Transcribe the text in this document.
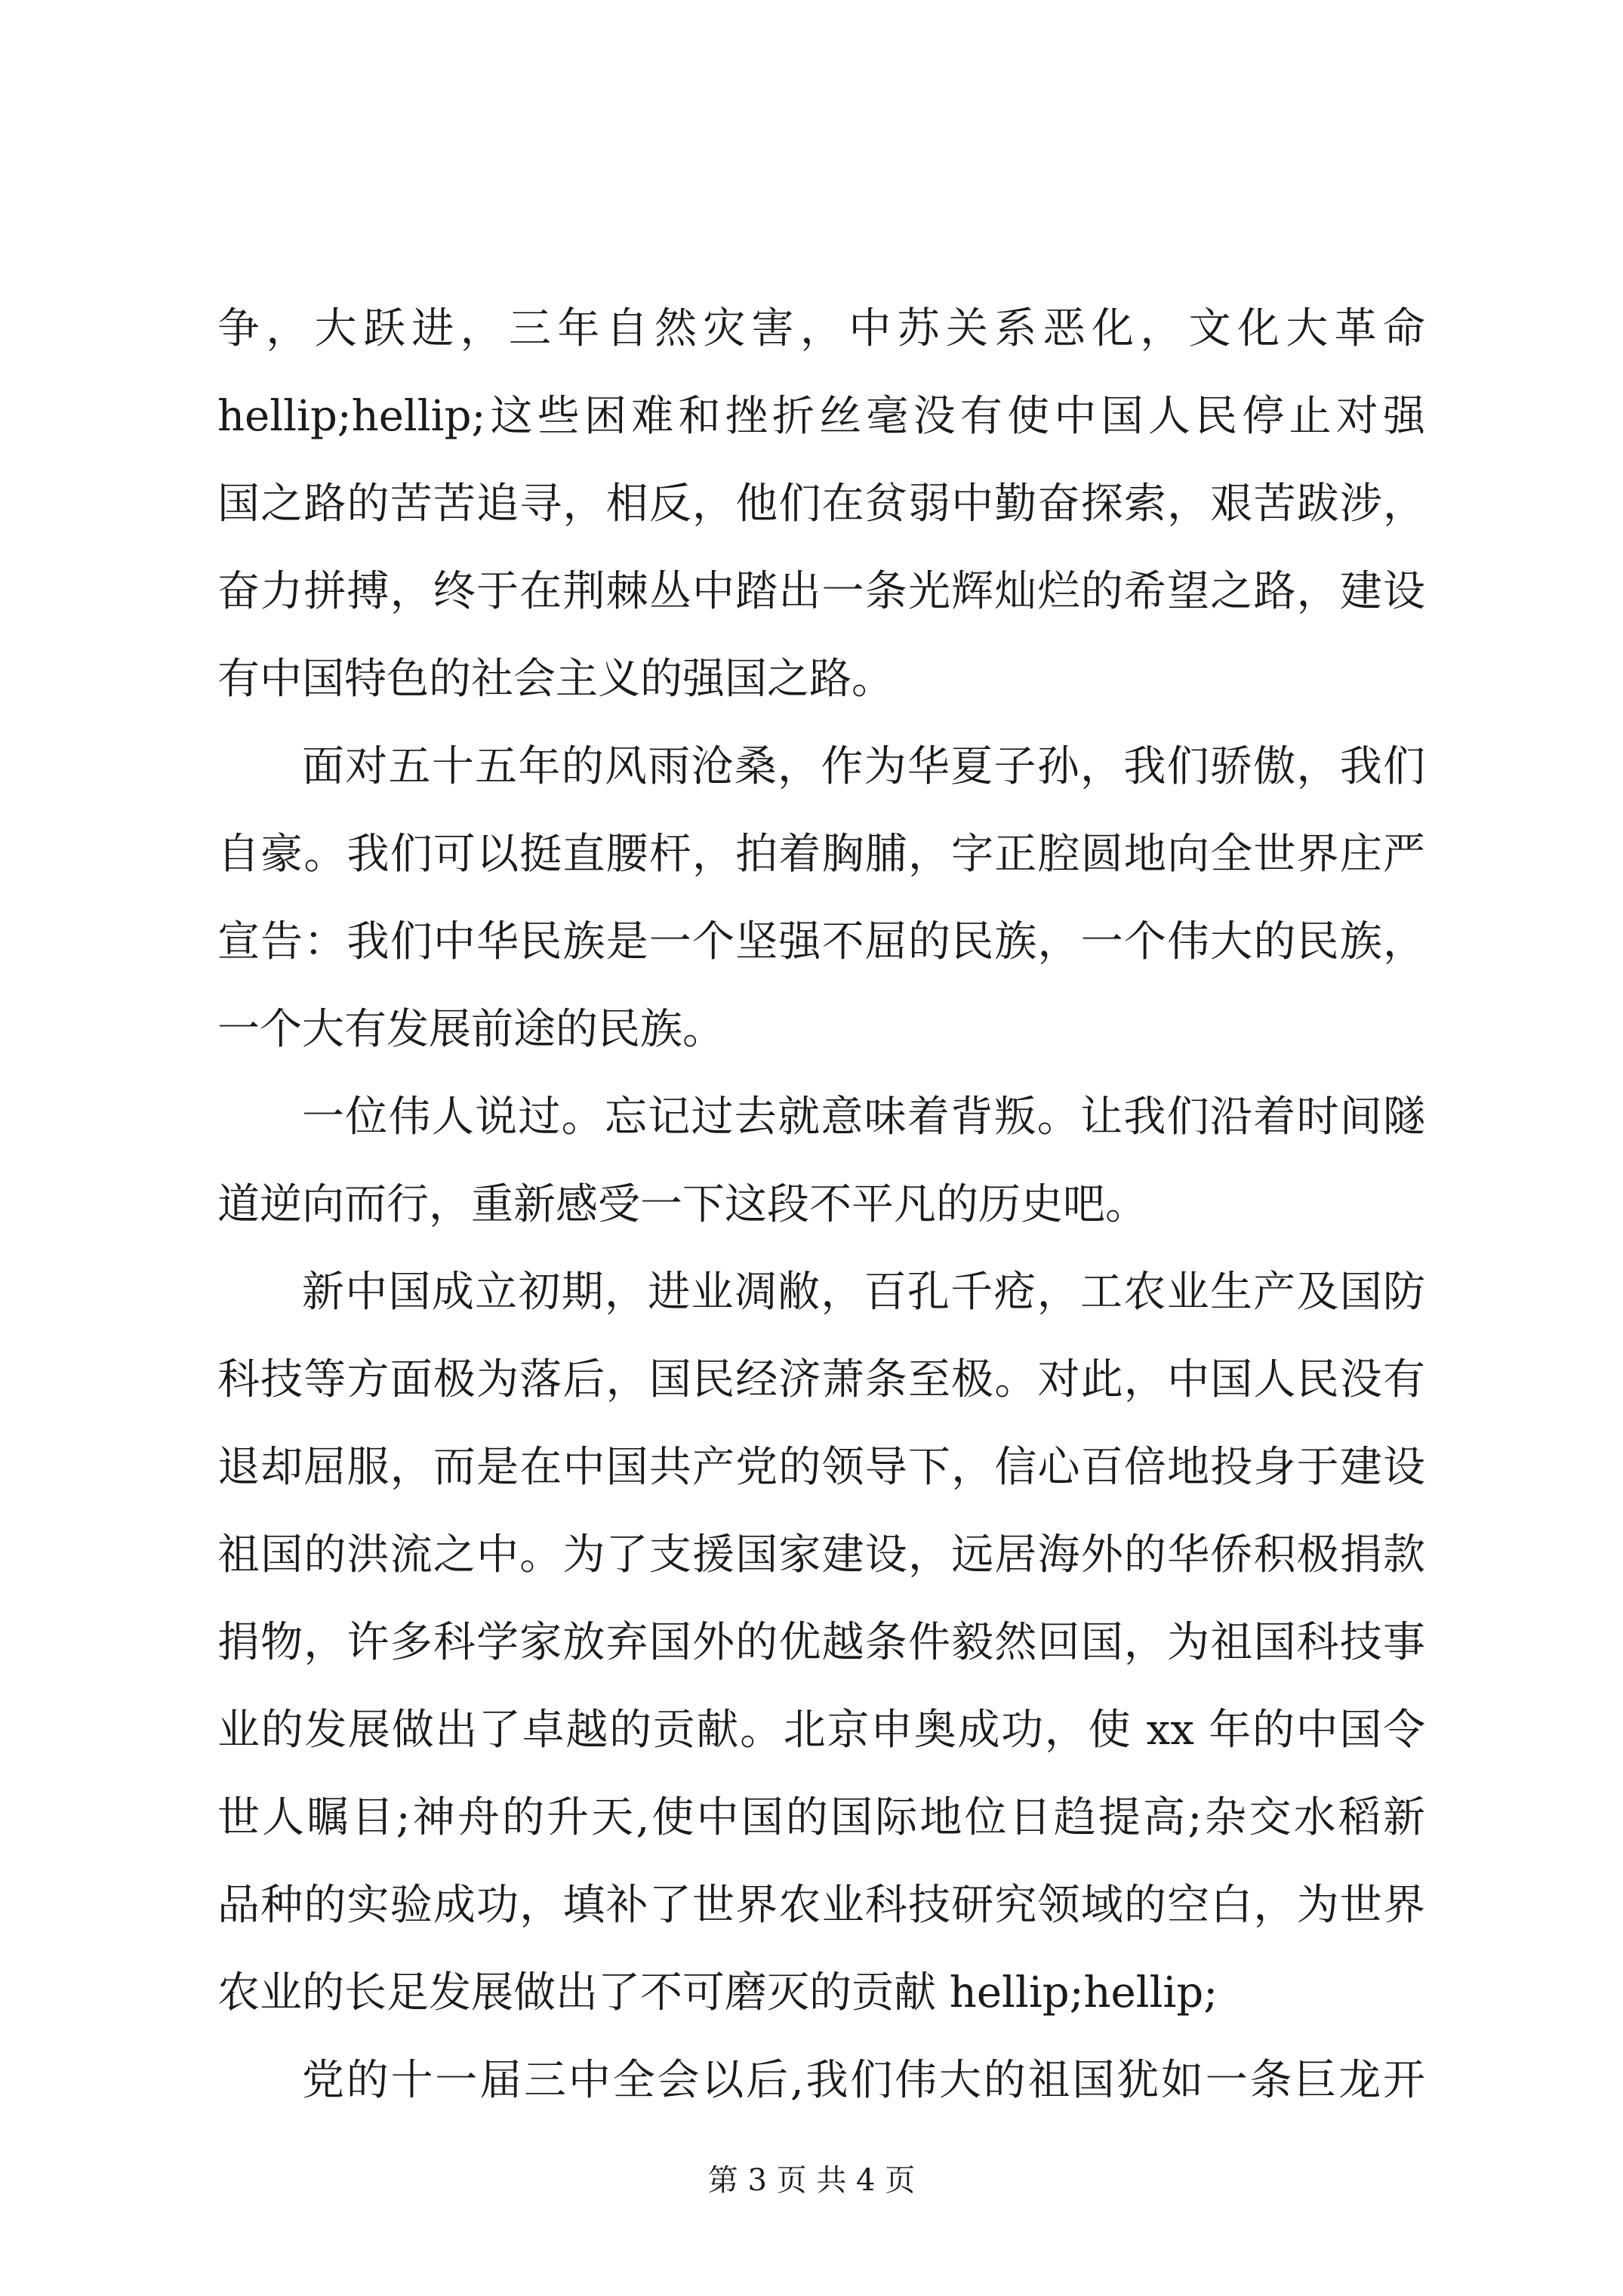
争，大跃进，三年自然灾害，中苏关系恶化，文化大革命
hellip;hellip;这些困难和挫折丝毫没有使中国人民停止对强
国之路的苦苦追寻，相反，他们在贫弱中勤奋探索，艰苦跋涉，
奋力拼搏，终于在荆棘丛中踏出一条光辉灿烂的希望之路，建设
有中国特色的社会主义的强国之路。
面对五十五年的风雨沧桑，作为华夏子孙，我们骄傲，我们
自豪。我们可以挺直腰杆，拍着胸脯，字正腔圆地向全世界庄严
宣告：我们中华民族是一个坚强不屈的民族，一个伟大的民族，
一个大有发展前途的民族。
一位伟人说过。忘记过去就意味着背叛。让我们沿着时间隧
道逆向而行，重新感受一下这段不平凡的历史吧。
新中国成立初期，进业凋敝，百孔千疮，工农业生产及国防
科技等方面极为落后，国民经济萧条至极。对此，中国人民没有
退却屈服，而是在中国共产党的领导下，信心百倍地投身于建设
祖国的洪流之中。为了支援国家建设，远居海外的华侨积极捐款
捐物，许多科学家放弃国外的优越条件毅然回国，为祖国科技事
业的发展做出了卓越的贡献。北京申奥成功，使 xx 年的中国令
世人瞩目;神舟的升天,使中国的国际地位日趋提高;杂交水稻新
品种的实验成功，填补了世界农业科技研究领域的空白，为世界
农业的长足发展做出了不可磨灭的贡献 hellip;hellip;
党的十一届三中全会以后,我们伟大的祖国犹如一条巨龙开
第 3 页 共 4 页
